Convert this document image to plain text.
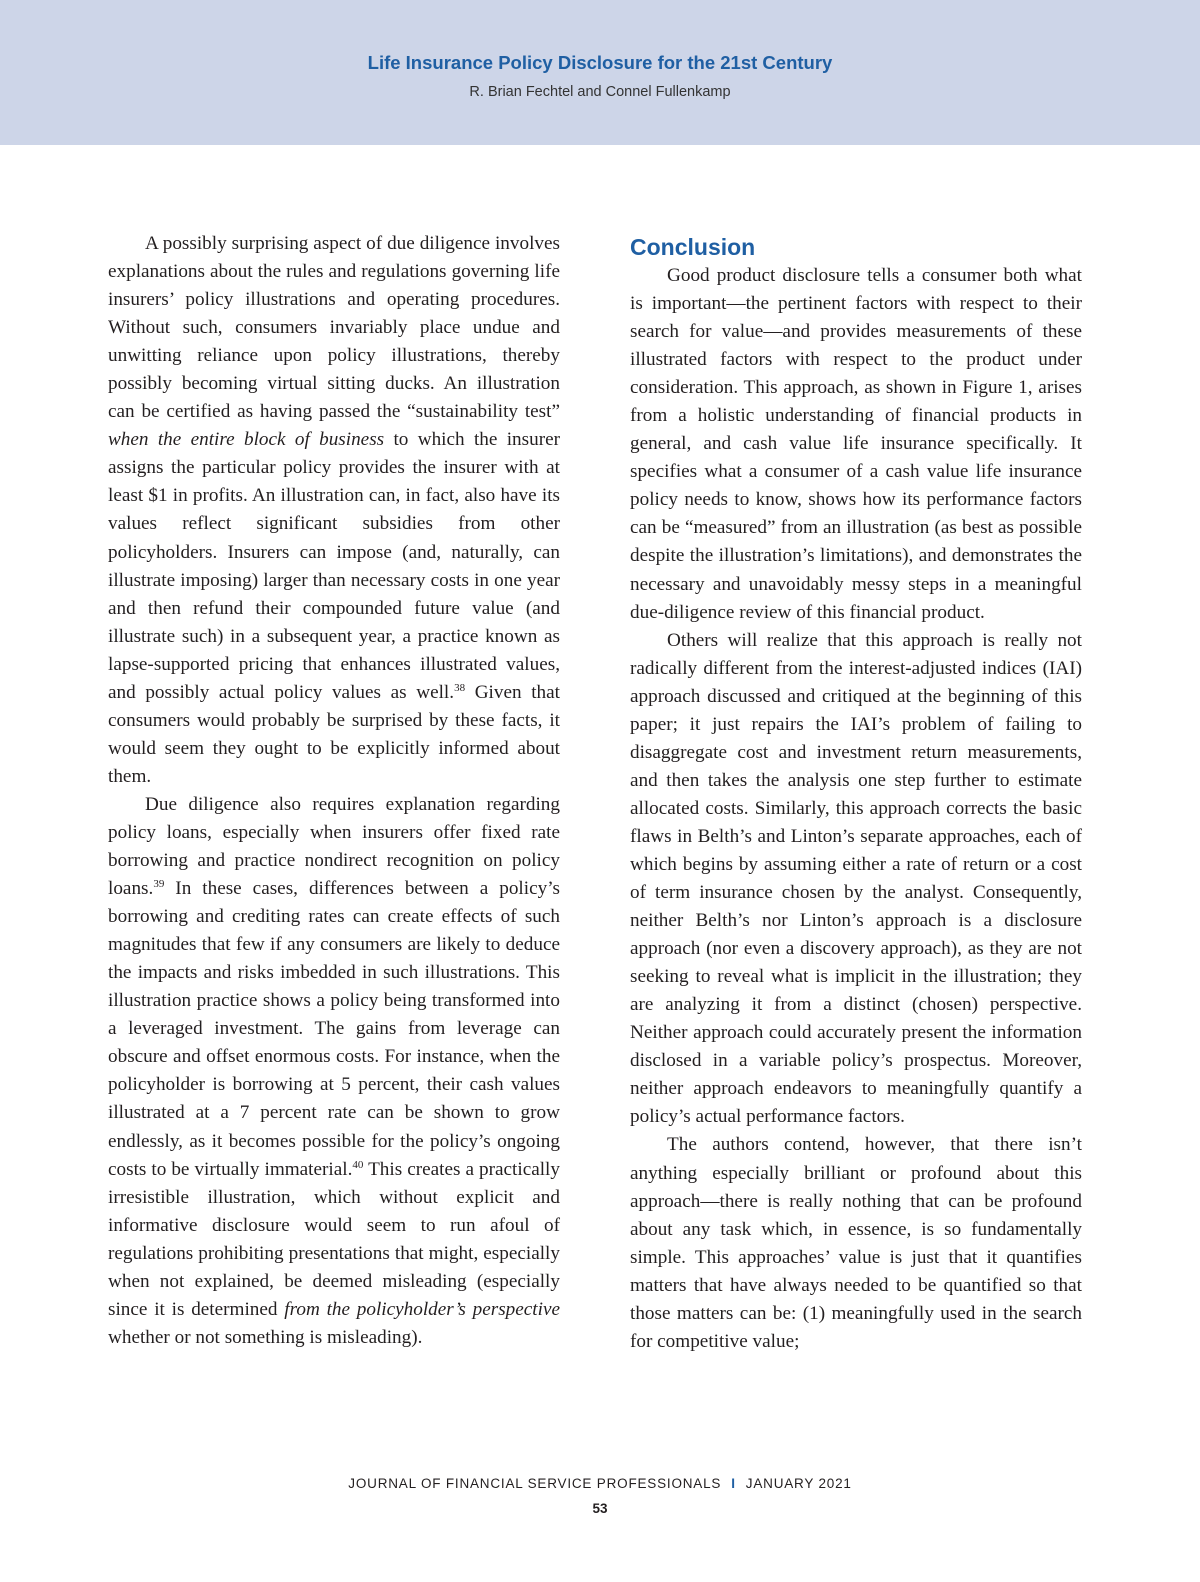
Life Insurance Policy Disclosure for the 21st Century
R. Brian Fechtel and Connel Fullenkamp

A possibly surprising aspect of due diligence involves explanations about the rules and regulations governing life insurers’ policy illustrations and operating procedures. Without such, consumers invariably place undue and unwitting reliance upon policy illustrations, thereby possibly becoming virtual sitting ducks. An illustration can be certified as having passed the “sustainability test” when the entire block of business to which the insurer assigns the particular policy provides the insurer with at least $1 in profits. An illustration can, in fact, also have its values reflect significant subsidies from other policyholders. Insurers can impose (and, naturally, can illustrate imposing) larger than necessary costs in one year and then refund their compounded future value (and illustrate such) in a subsequent year, a practice known as lapse-supported pricing that enhances illustrated values, and possibly actual policy values as well.$^{38}$ Given that consumers would probably be surprised by these facts, it would seem they ought to be explicitly informed about them.

Due diligence also requires explanation regarding policy loans, especially when insurers offer fixed rate borrowing and practice nondirect recognition on policy loans.$^{39}$ In these cases, differences between a policy’s borrowing and crediting rates can create effects of such magnitudes that few if any consumers are likely to deduce the impacts and risks imbedded in such illustrations. This illustration practice shows a policy being transformed into a leveraged investment. The gains from leverage can obscure and offset enormous costs. For instance, when the policyholder is borrowing at 5 percent, their cash values illustrated at a 7 percent rate can be shown to grow endlessly, as it becomes possible for the policy’s ongoing costs to be virtually immaterial.$^{40}$ This creates a practically irresistible illustration, which without explicit and informative disclosure would seem to run afoul of regulations prohibiting presentations that might, especially when not explained, be deemed misleading (especially since it is determined from the policyholder’s perspective whether or not something is misleading).

Conclusion

Good product disclosure tells a consumer both what is important—the pertinent factors with respect to their search for value—and provides measurements of these illustrated factors with respect to the product under consideration. This approach, as shown in Figure 1, arises from a holistic understanding of financial products in general, and cash value life insurance specifically. It specifies what a consumer of a cash value life insurance policy needs to know, shows how its performance factors can be “measured” from an illustration (as best as possible despite the illustration’s limitations), and demonstrates the necessary and unavoidably messy steps in a meaningful due-diligence review of this financial product.

Others will realize that this approach is really not radically different from the interest-adjusted indices (IAI) approach discussed and critiqued at the beginning of this paper; it just repairs the IAI’s problem of failing to disaggregate cost and investment return measurements, and then takes the analysis one step further to estimate allocated costs. Similarly, this approach corrects the basic flaws in Belth’s and Linton’s separate approaches, each of which begins by assuming either a rate of return or a cost of term insurance chosen by the analyst. Consequently, neither Belth’s nor Linton’s approach is a disclosure approach (nor even a discovery approach), as they are not seeking to reveal what is implicit in the illustration; they are analyzing it from a distinct (chosen) perspective. Neither approach could accurately present the information disclosed in a variable policy’s prospectus. Moreover, neither approach endeavors to meaningfully quantify a policy’s actual performance factors.

The authors contend, however, that there isn’t anything especially brilliant or profound about this approach—there is really nothing that can be profound about any task which, in essence, is so fundamentally simple. This approaches’ value is just that it quantifies matters that have always needed to be quantified so that those matters can be: (1) meaningfully used in the search for competitive value;

JOURNAL OF FINANCIAL SERVICE PROFESSIONALS I JANUARY 2021
53
